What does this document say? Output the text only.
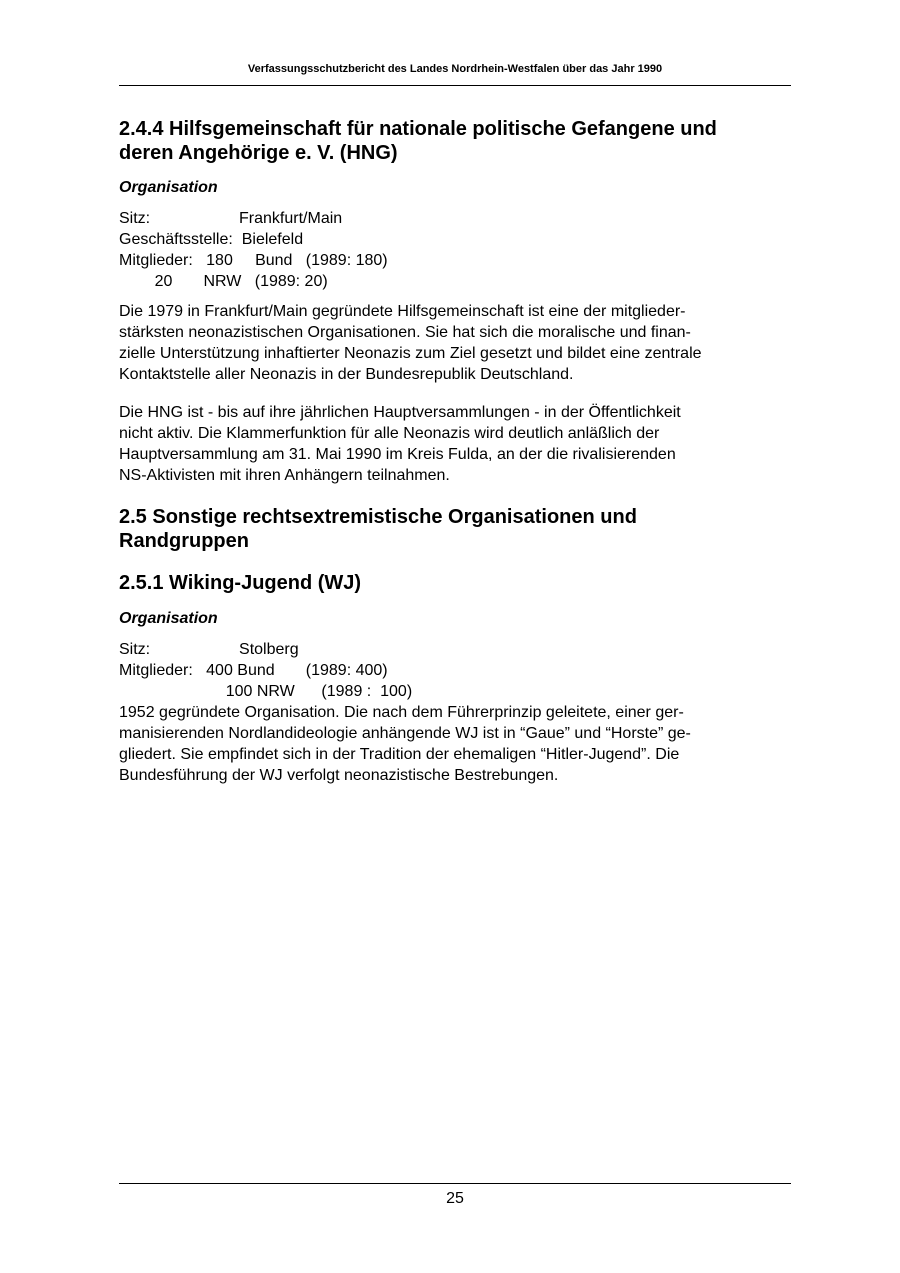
Verfassungsschutzbericht des Landes Nordrhein-Westfalen über das Jahr 1990
2.4.4 Hilfsgemeinschaft für nationale politische Gefangene und
deren Angehörige e. V. (HNG)
Organisation
Sitz:                    Frankfurt/Main
Geschäftsstelle:  Bielefeld
Mitglieder:   180     Bund   (1989: 180)
20       NRW   (1989: 20)
Die 1979 in Frankfurt/Main gegründete Hilfsgemeinschaft ist eine der mitglieder-
stärksten neonazistischen Organisationen. Sie hat sich die moralische und finan-
zielle Unterstützung inhaftierter Neonazis zum Ziel gesetzt und bildet eine zentrale
Kontaktstelle aller Neonazis in der Bundesrepublik Deutschland.
Die HNG ist - bis auf ihre jährlichen Hauptversammlungen - in der Öffentlichkeit
nicht aktiv. Die Klammerfunktion für alle Neonazis wird deutlich anläßlich der
Hauptversammlung am 31. Mai 1990 im Kreis Fulda, an der die rivalisierenden
NS-Aktivisten mit ihren Anhängern teilnahmen.
2.5 Sonstige rechtsextremistische Organisationen und
Randgruppen
2.5.1 Wiking-Jugend (WJ)
Organisation
Sitz:                    Stolberg
Mitglieder:   400 Bund       (1989: 400)
100 NRW      (1989 :  100)
1952 gegründete Organisation. Die nach dem Führerprinzip geleitete, einer ger-
manisierenden Nordlandideologie anhängende WJ ist in “Gaue” und “Horste” ge-
gliedert. Sie empfindet sich in der Tradition der ehemaligen “Hitler-Jugend”. Die
Bundesführung der WJ verfolgt neonazistische Bestrebungen.
25
